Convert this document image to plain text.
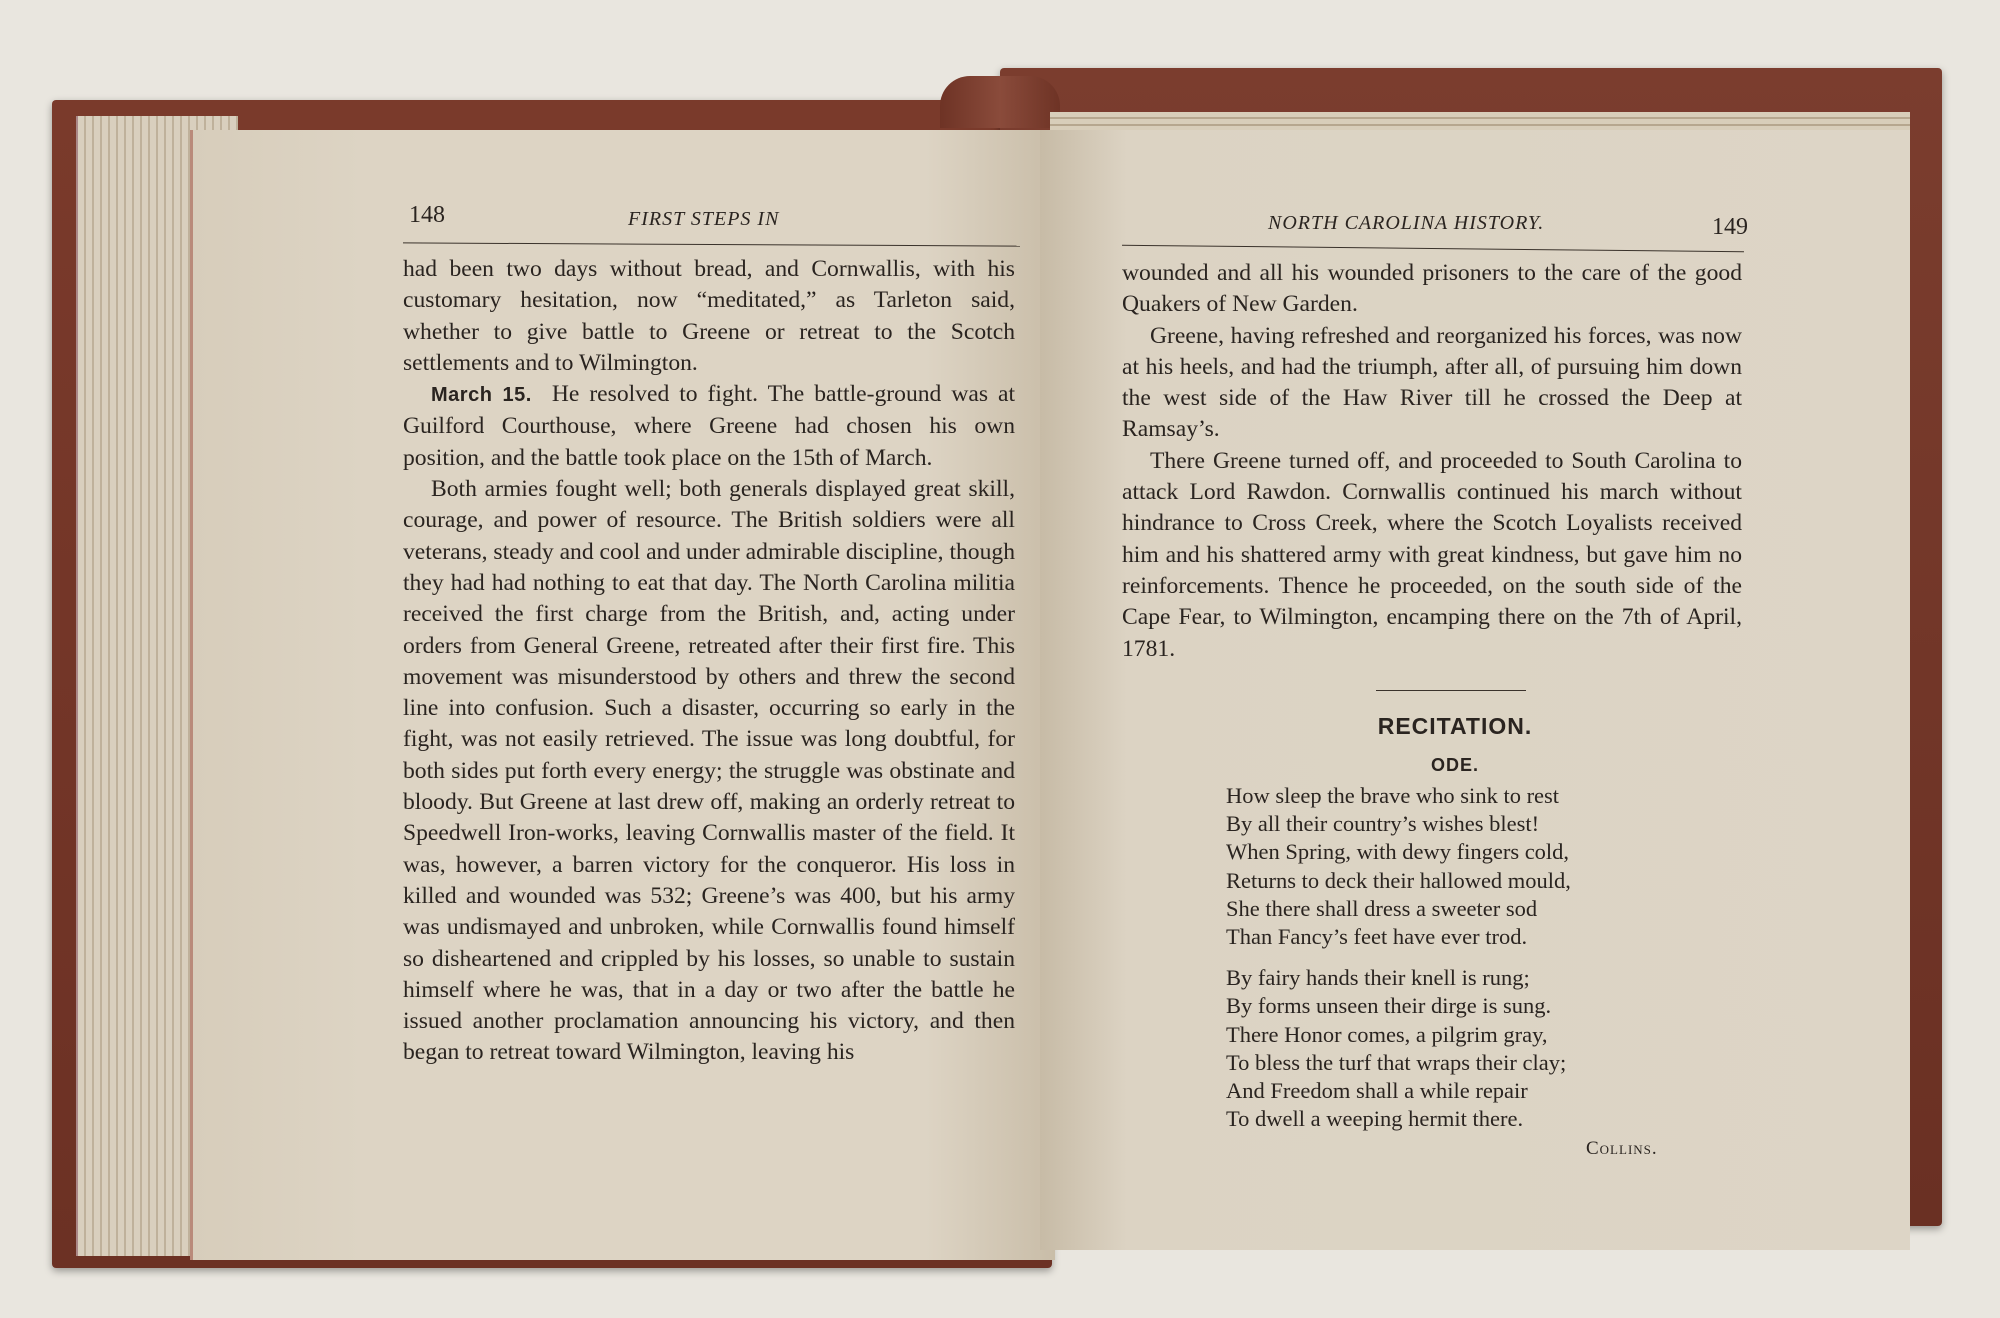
148	FIRST STEPS IN

had been two days without bread, and Cornwallis, with his customary hesitation, now “meditated,” as Tarleton said, whether to give battle to Greene or retreat to the Scotch settlements and to Wilmington.

March 15. He resolved to fight. The battle-ground was at Guilford Courthouse, where Greene had chosen his own position, and the battle took place on the 15th of March.

Both armies fought well; both generals displayed great skill, courage, and power of resource. The British soldiers were all veterans, steady and cool and under admirable discipline, though they had had nothing to eat that day. The North Carolina militia received the first charge from the British, and, acting under orders from General Greene, retreated after their first fire. This movement was misunderstood by others and threw the second line into confusion. Such a disaster, occurring so early in the fight, was not easily retrieved. The issue was long doubtful, for both sides put forth every energy; the struggle was obstinate and bloody. But Greene at last drew off, making an orderly retreat to Speedwell Iron-works, leaving Cornwallis master of the field. It was, however, a barren victory for the conqueror. His loss in killed and wounded was 532; Greene’s was 400, but his army was undismayed and unbroken, while Cornwallis found himself so disheartened and crippled by his losses, so unable to sustain himself where he was, that in a day or two after the battle he issued another proclamation announcing his victory, and then began to retreat toward Wilmington, leaving his

NORTH CAROLINA HISTORY.	149

wounded and all his wounded prisoners to the care of the good Quakers of New Garden.

Greene, having refreshed and reorganized his forces, was now at his heels, and had the triumph, after all, of pursuing him down the west side of the Haw River till he crossed the Deep at Ramsay’s.

There Greene turned off, and proceeded to South Carolina to attack Lord Rawdon. Cornwallis continued his march without hindrance to Cross Creek, where the Scotch Loyalists received him and his shattered army with great kindness, but gave him no reinforcements. Thence he proceeded, on the south side of the Cape Fear, to Wilmington, encamping there on the 7th of April, 1781.

RECITATION.
ODE.
How sleep the brave who sink to rest
By all their country’s wishes blest!
When Spring, with dewy fingers cold,
Returns to deck their hallowed mould,
She there shall dress a sweeter sod
Than Fancy’s feet have ever trod.
By fairy hands their knell is rung;
By forms unseen their dirge is sung.
There Honor comes, a pilgrim gray,
To bless the turf that wraps their clay;
And Freedom shall a while repair
To dwell a weeping hermit there.
Collins.
